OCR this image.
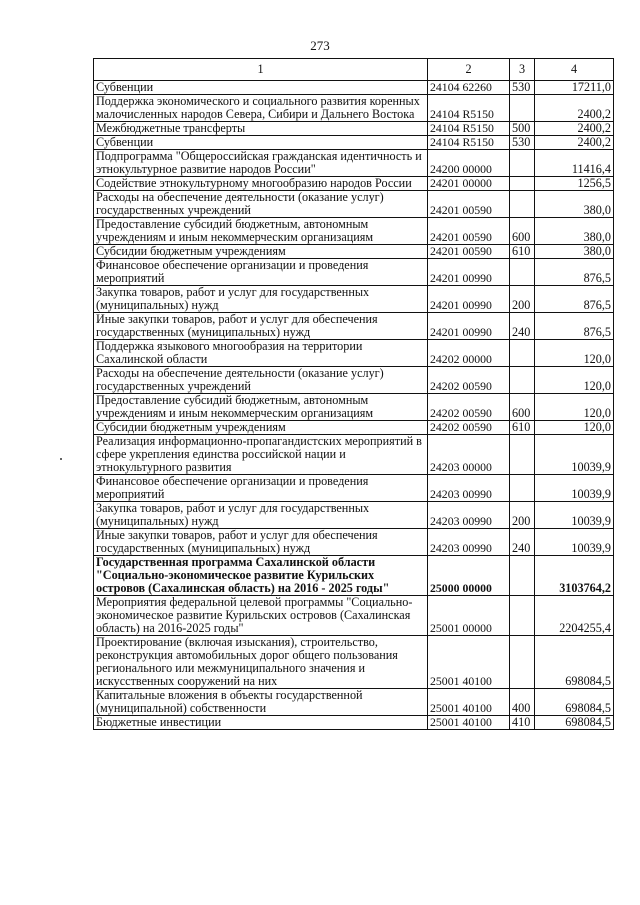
273
1	2	3	4
Субвенции	24104 62260	530	17211,0
Поддержка экономического и социального развития коренных малочисленных народов Севера, Сибири и Дальнего Востока	24104 R5150		2400,2
Межбюджетные трансферты	24104 R5150	500	2400,2
Субвенции	24104 R5150	530	2400,2
Подпрограмма "Общероссийская гражданская идентичность и этнокультурное развитие народов России"	24200 00000		11416,4
Содействие этнокультурному многообразию народов России	24201 00000		1256,5
Расходы на обеспечение деятельности (оказание услуг) государственных учреждений	24201 00590		380,0
Предоставление субсидий бюджетным, автономным учреждениям и иным некоммерческим организациям	24201 00590	600	380,0
Субсидии бюджетным учреждениям	24201 00590	610	380,0
Финансовое обеспечение организации и проведения мероприятий	24201 00990		876,5
Закупка товаров, работ и услуг для государственных (муниципальных) нужд	24201 00990	200	876,5
Иные закупки товаров, работ и услуг для обеспечения государственных (муниципальных) нужд	24201 00990	240	876,5
Поддержка языкового многообразия на территории Сахалинской области	24202 00000		120,0
Расходы на обеспечение деятельности (оказание услуг) государственных учреждений	24202 00590		120,0
Предоставление субсидий бюджетным, автономным учреждениям и иным некоммерческим организациям	24202 00590	600	120,0
Субсидии бюджетным учреждениям	24202 00590	610	120,0
Реализация информационно-пропагандистских мероприятий в сфере укрепления единства российской нации и этнокультурного развития	24203 00000		10039,9
Финансовое обеспечение организации и проведения мероприятий	24203 00990		10039,9
Закупка товаров, работ и услуг для государственных (муниципальных) нужд	24203 00990	200	10039,9
Иные закупки товаров, работ и услуг для обеспечения государственных (муниципальных) нужд	24203 00990	240	10039,9
Государственная программа Сахалинской области "Социально-экономическое развитие Курильских островов (Сахалинская область) на 2016 - 2025 годы"	25000 00000		3103764,2
Мероприятия федеральной целевой программы "Социально-экономическое развитие Курильских островов (Сахалинская область) на 2016-2025 годы"	25001 00000		2204255,4
Проектирование (включая изыскания), строительство, реконструкция автомобильных дорог общего пользования регионального или межмуниципального значения и искусственных сооружений на них	25001 40100		698084,5
Капитальные вложения в объекты государственной (муниципальной) собственности	25001 40100	400	698084,5
Бюджетные инвестиции	25001 40100	410	698084,5
